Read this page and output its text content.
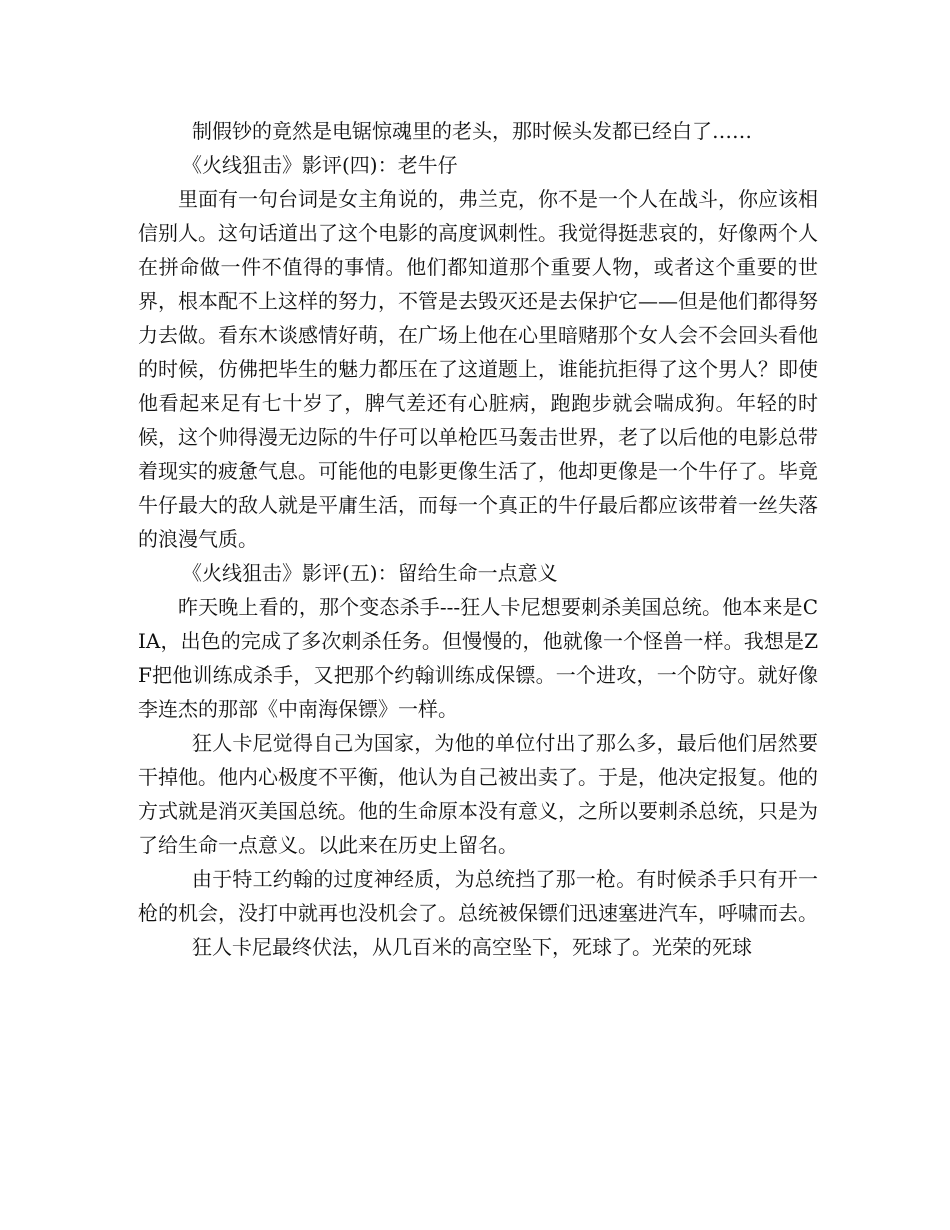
制假钞的竟然是电锯惊魂里的老头，那时候头发都已经白了……

《火线狙击》影评(四)：老牛仔

里面有一句台词是女主角说的，弗兰克，你不是一个人在战斗，你应该相信别人。这句话道出了这个电影的高度讽刺性。我觉得挺悲哀的，好像两个人在拼命做一件不值得的事情。他们都知道那个重要人物，或者这个重要的世界，根本配不上这样的努力，不管是去毁灭还是去保护它——但是他们都得努力去做。看东木谈感情好萌，在广场上他在心里暗赌那个女人会不会回头看他的时候，仿佛把毕生的魅力都压在了这道题上，谁能抗拒得了这个男人？即使他看起来足有七十岁了，脾气差还有心脏病，跑跑步就会喘成狗。年轻的时候，这个帅得漫无边际的牛仔可以单枪匹马轰击世界，老了以后他的电影总带着现实的疲惫气息。可能他的电影更像生活了，他却更像是一个牛仔了。毕竟牛仔最大的敌人就是平庸生活，而每一个真正的牛仔最后都应该带着一丝失落的浪漫气质。

《火线狙击》影评(五)：留给生命一点意义

昨天晚上看的，那个变态杀手---狂人卡尼想要刺杀美国总统。他本来是CIA，出色的完成了多次刺杀任务。但慢慢的，他就像一个怪兽一样。我想是ZF把他训练成杀手，又把那个约翰训练成保镖。一个进攻，一个防守。就好像李连杰的那部《中南海保镖》一样。

狂人卡尼觉得自己为国家，为他的单位付出了那么多，最后他们居然要干掉他。他内心极度不平衡，他认为自己被出卖了。于是，他决定报复。他的方式就是消灭美国总统。他的生命原本没有意义，之所以要刺杀总统，只是为了给生命一点意义。以此来在历史上留名。

由于特工约翰的过度神经质，为总统挡了那一枪。有时候杀手只有开一枪的机会，没打中就再也没机会了。总统被保镖们迅速塞进汽车，呼啸而去。

狂人卡尼最终伏法，从几百米的高空坠下，死球了。光荣的死球
